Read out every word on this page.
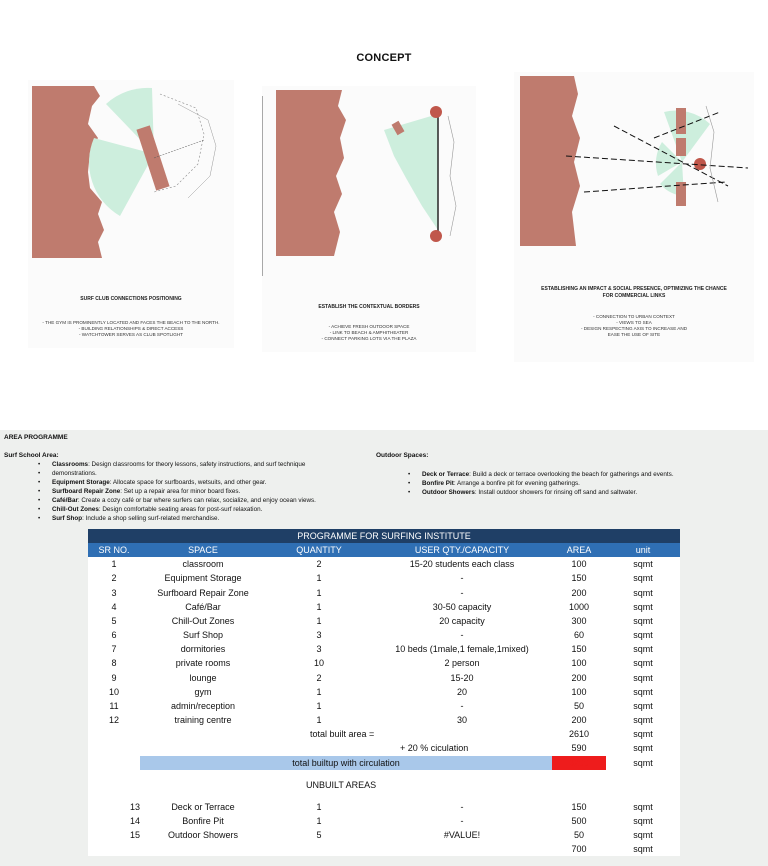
CONCEPT
SURF CLUB CONNECTIONS POSITIONING
- THE GYM IS PROMINENTLY LOCATED AND FACES THE BEACH TO THE NORTH.
- BUILDING RELATIONSHIPS & DIRECT ACCESS
- WATCHTOWER SERVES AS CLUB SPOTLIGHT
ESTABLISH THE CONTEXTUAL BORDERS
- ACHIEVE FRESH OUTDOOR SPACE
- LINK TO BEACH & AMPHITHEATER
- CONNECT PARKING LOTS VIA THE PLAZA
ESTABLISHING AN IMPACT & SOCIAL PRESENCE, OPTIMIZING THE CHANCE
FOR COMMERCIAL LINKS
- CONNECTION TO URBAN CONTEXT
- VIEWS TO SEA
- DESIGN RESPECTING AXIS TO INCREASE AND
EASE THE USE OF SITE
AREA PROGRAMME
Surf School Area:
• Classrooms: Design classrooms for theory lessons, safety instructions, and surf technique
• demonstrations.
• Equipment Storage: Allocate space for surfboards, wetsuits, and other gear.
• Surfboard Repair Zone: Set up a repair area for minor board fixes.
• Café/Bar: Create a cozy café or bar where surfers can relax, socialize, and enjoy ocean views.
• Chill-Out Zones: Design comfortable seating areas for post-surf relaxation.
• Surf Shop: Include a shop selling surf-related merchandise.
Outdoor Spaces:
• Deck or Terrace: Build a deck or terrace overlooking the beach for gatherings and events.
• Bonfire Pit: Arrange a bonfire pit for evening gatherings.
• Outdoor Showers: Install outdoor showers for rinsing off sand and saltwater.
PROGRAMME FOR SURFING INSTITUTE					
SR NO.	SPACE	QUANTITY	USER QTY./CAPACITY	AREA	unit
1	classroom	2	15-20 students each class	100	sqmt
2	Equipment Storage	1	-	150	sqmt
3	Surfboard Repair Zone	1	-	200	sqmt
4	Café/Bar	1	30-50 capacity	1000	sqmt
5	Chill-Out Zones	1	20 capacity	300	sqmt
6	Surf Shop	3	-	60	sqmt
7	dormitories	3	10 beds (1male,1 female,1mixed)	150	sqmt
8	private rooms	10	2 person	100	sqmt
9	lounge	2	15-20	200	sqmt
10	gym	1	20	100	sqmt
11	admin/reception	1	-	50	sqmt
12	training centre	1	30	200	sqmt
		total built area =		2610	sqmt
			+ 20 % ciculation	590	sqmt
	total builtup with circulation			3200	sqmt

	UNBUILT AREAS				

13	Deck or Terrace	1	-	150	sqmt
14	Bonfire Pit	1	-	500	sqmt
15	Outdoor Showers	5	#VALUE!	50	sqmt
				700	sqmt
